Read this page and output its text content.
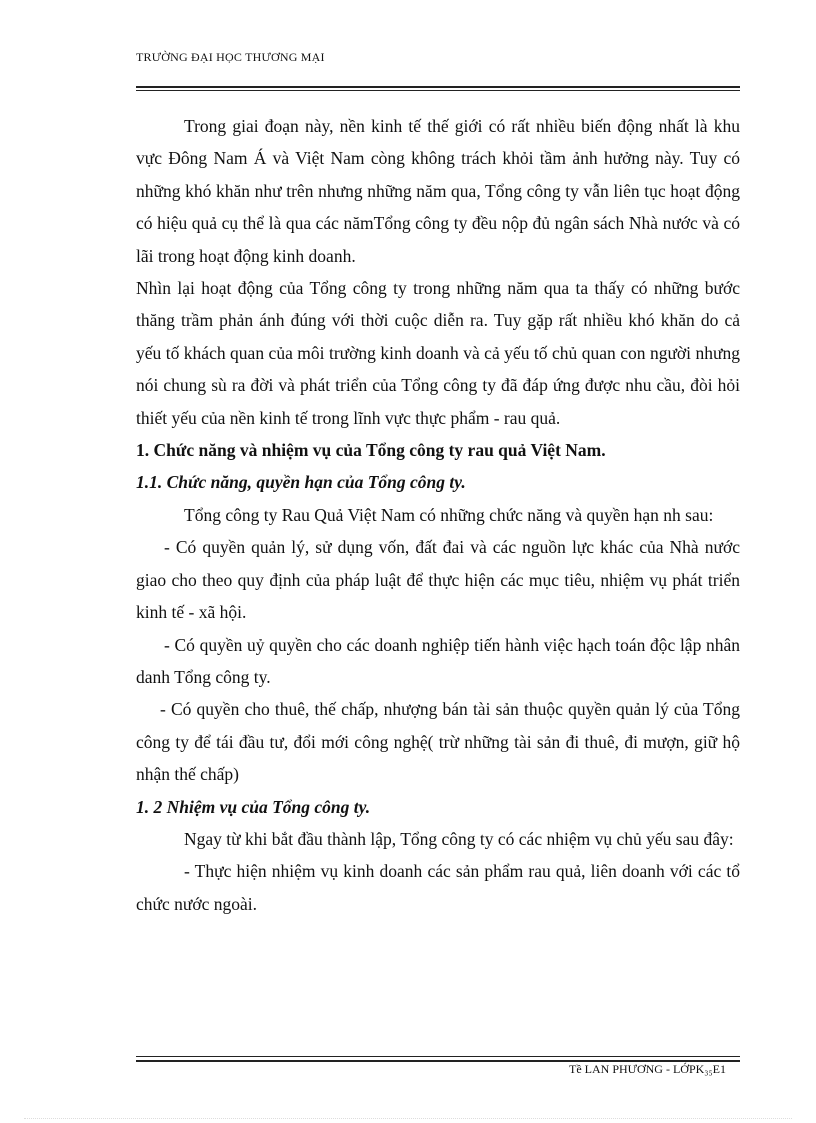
TRƯỜNG ĐẠI HỌC THƯƠNG MẠI

Trong giai đoạn này, nền kinh tế thế giới có rất nhiều biến động nhất là khu vực Đông Nam Á và Việt Nam còng không trách khỏi tầm ảnh hưởng này. Tuy có những khó khăn như trên nhưng những năm qua, Tổng công ty vẫn liên tục hoạt động có hiệu quả cụ thể là qua các nămTổng công ty đều nộp đủ ngân sách Nhà nước và có lãi trong hoạt động kinh doanh.

Nhìn lại hoạt động của Tổng công ty trong những năm qua ta thấy có những bước thăng trầm phản ánh đúng với thời cuộc diễn ra. Tuy gặp rất nhiều khó khăn do cả yếu tố khách quan của môi trường kinh doanh và cả yếu tố chủ quan con người nhưng nói chung sù ra đời và phát triển của Tổng công ty đã đáp ứng được nhu cầu, đòi hỏi thiết yếu của nền kinh tế trong lĩnh vực thực phẩm - rau quả.

1. Chức năng và nhiệm vụ của Tổng công ty rau quả Việt Nam.

1.1. Chức năng, quyền hạn của Tổng công ty.

Tổng công ty Rau Quả Việt Nam có những chức năng và quyền hạn nh sau:

- Có quyền quản lý, sử dụng vốn, đất đai và các nguồn lực khác của Nhà nước giao cho theo quy định của pháp luật để thực hiện các mục tiêu, nhiệm vụ phát triển kinh tế - xã hội.

- Có quyền uỷ quyền cho các doanh nghiệp tiến hành việc hạch toán độc lập nhân danh Tổng công ty.

- Có quyền cho thuê, thế chấp, nhượng bán tài sản thuộc quyền quản lý của Tổng công ty để tái đầu tư, đổi mới công nghệ( trừ những tài sản đi thuê, đi mượn, giữ hộ nhận thế chấp)

1. 2 Nhiệm vụ của Tổng công ty.

Ngay từ khi bắt đầu thành lập, Tổng công ty có các nhiệm vụ chủ yếu sau đây:

- Thực hiện nhiệm vụ kinh doanh các sản phẩm rau quả, liên doanh với các tổ chức nước ngoài.

Tề LAN PHƯƠNG - LỚPK₃₅E1
